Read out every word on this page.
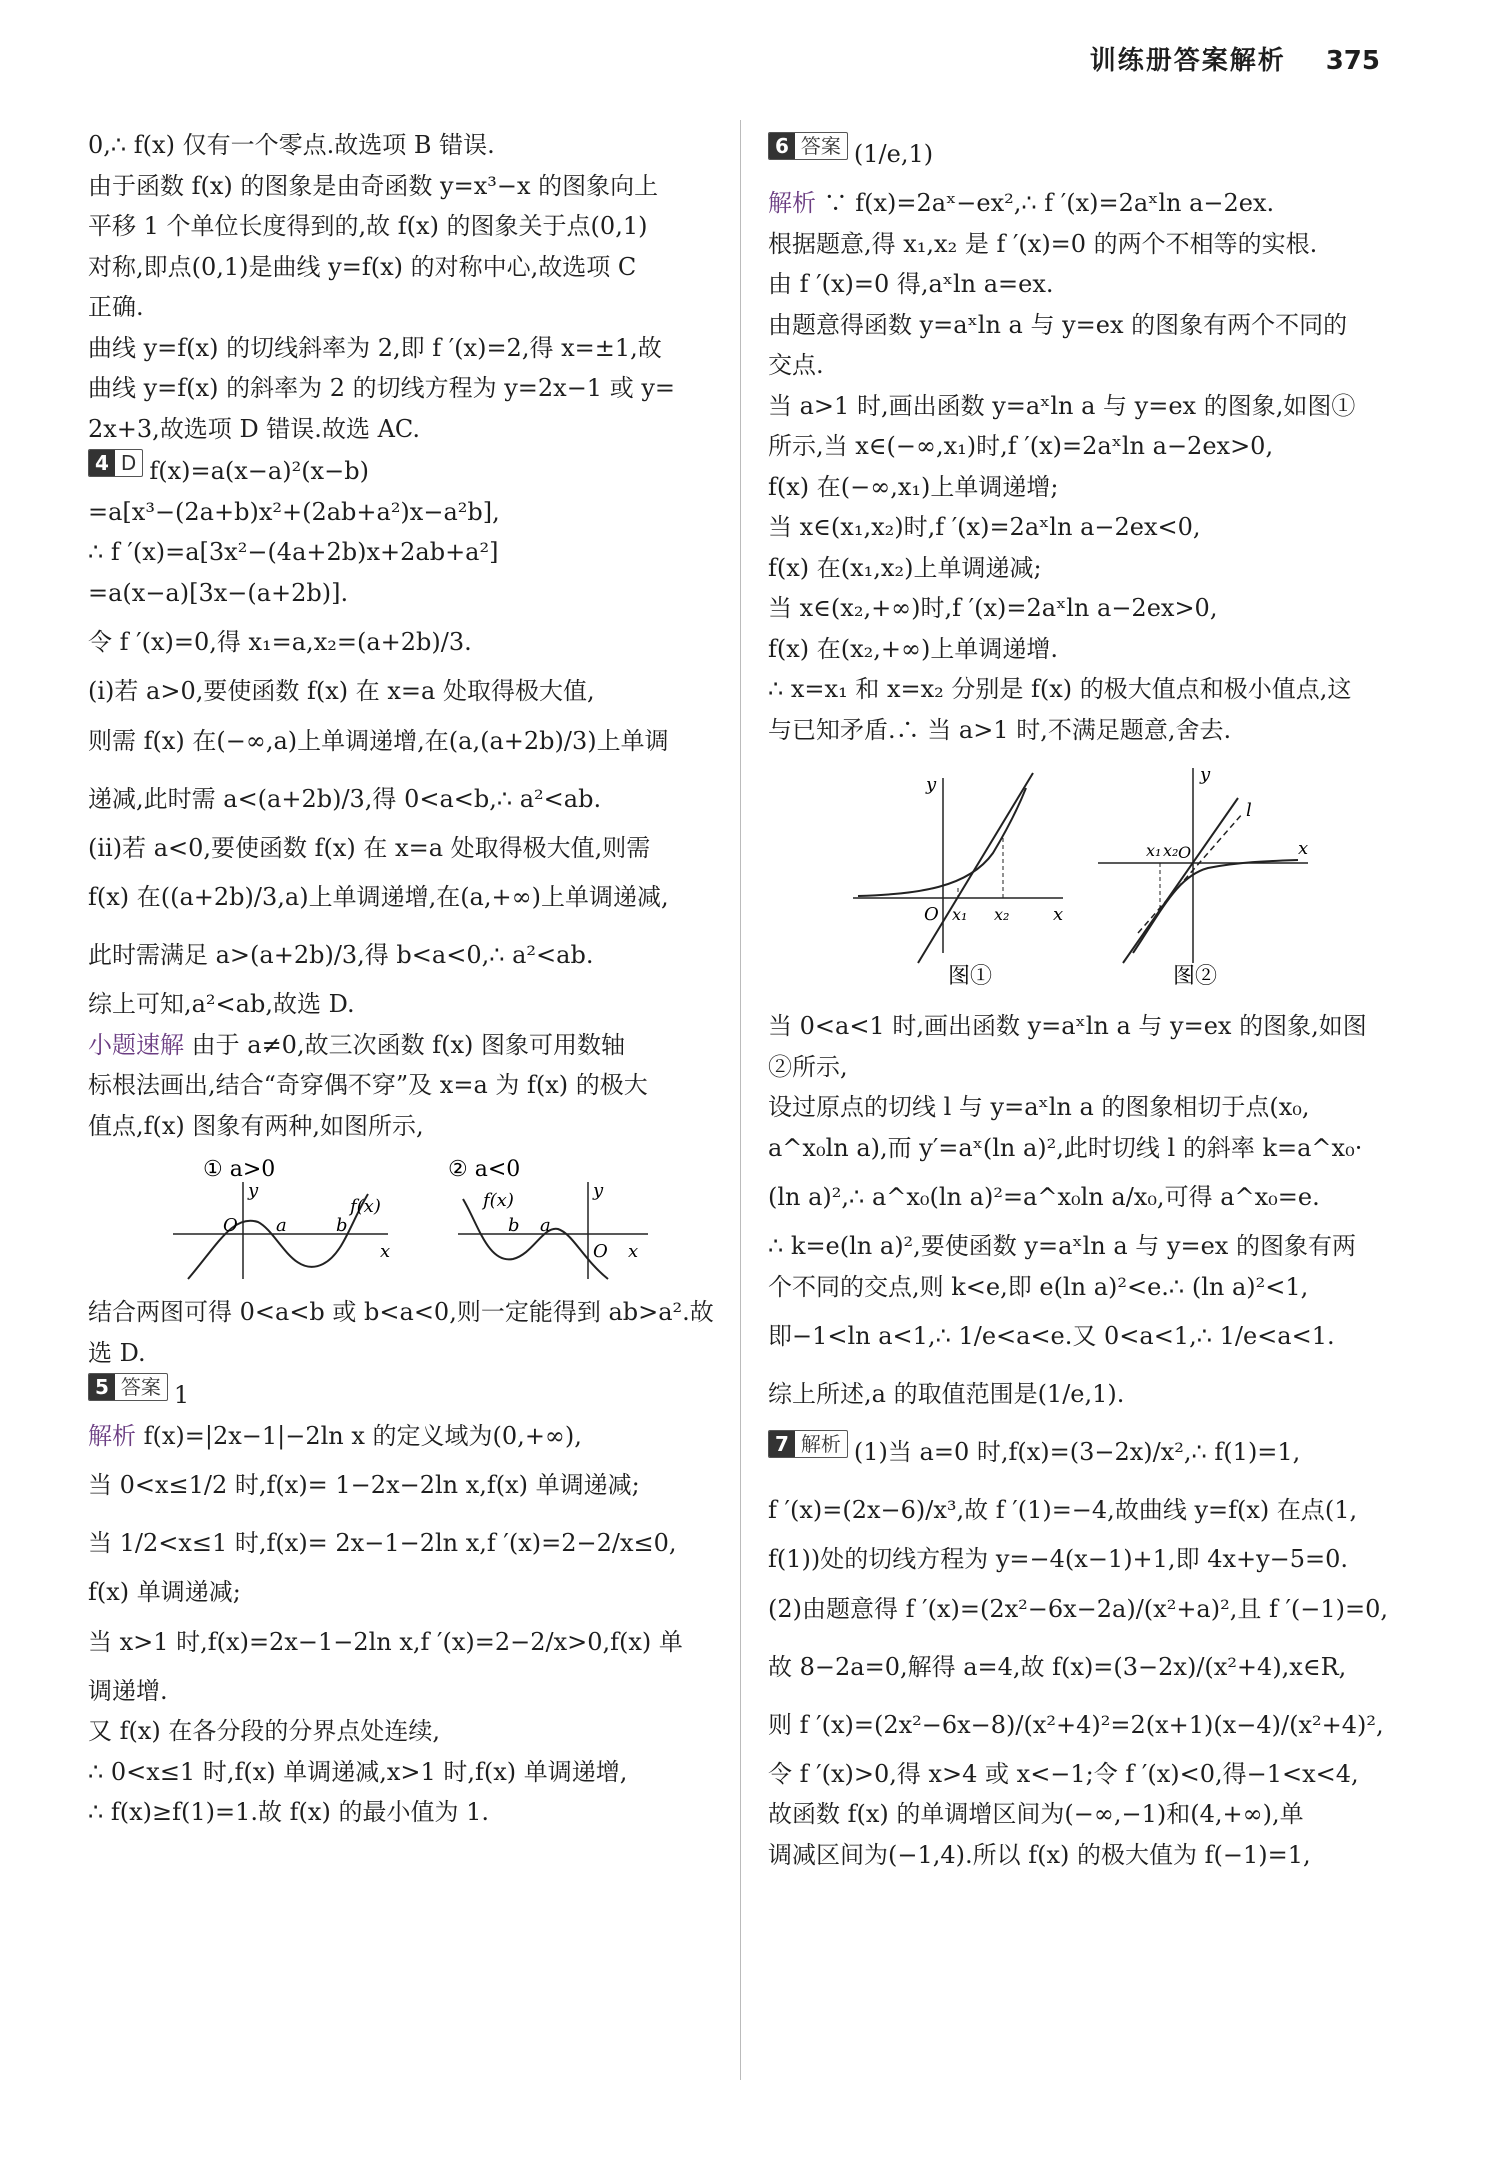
训练册答案解析 375
0,∴ f(x) 仅有一个零点.故选项 B 错误.
由于函数 f(x) 的图象是由奇函数 y=x³−x 的图象向上
平移 1 个单位长度得到的,故 f(x) 的图象关于点(0,1)
对称,即点(0,1)是曲线 y=f(x) 的对称中心,故选项 C
正确.
曲线 y=f(x) 的切线斜率为 2,即 f ′(x)=2,得 x=±1,故
曲线 y=f(x) 的斜率为 2 的切线方程为 y=2x−1 或 y=
2x+3,故选项 D 错误.故选 AC.
4 D f(x)=a(x−a)²(x−b)
=a[x³−(2a+b)x²+(2ab+a²)x−a²b],
∴ f ′(x)=a[3x²−(4a+2b)x+2ab+a²]
=a(x−a)[3x−(a+2b)].
令 f ′(x)=0,得 x₁=a,x₂=(a+2b)/3.
(i)若 a>0,要使函数 f(x) 在 x=a 处取得极大值,
则需 f(x) 在(−∞,a)上单调递增,在(a,(a+2b)/3)上单调
递减,此时需 a<(a+2b)/3,得 0<a<b,∴ a²<ab.
(ii)若 a<0,要使函数 f(x) 在 x=a 处取得极大值,则需
f(x) 在((a+2b)/3,a)上单调递增,在(a,+∞)上单调递减,
此时需满足 a>(a+2b)/3,得 b<a<0,∴ a²<ab.
综上可知,a²<ab,故选 D.
小题速解 由于 a≠0,故三次函数 f(x) 图象可用数轴
标根法画出,结合“奇穿偶不穿”及 x=a 为 f(x) 的极大
值点,f(x) 图象有两种,如图所示,
① a>0	② a<0
y
x
O a	b
f(x)
y
x
O
b a
f(x)
结合两图可得 0<a<b 或 b<a<0,则一定能得到 ab>a².故
选 D.
5 答案 1
解析 f(x)=|2x−1|−2ln x 的定义域为(0,+∞),
当 0<x≤1/2 时,f(x)= 1−2x−2ln x,f(x) 单调递减;
当 1/2<x≤1 时,f(x)= 2x−1−2ln x,f ′(x)=2−2/x≤0,
f(x) 单调递减;
当 x>1 时,f(x)=2x−1−2ln x,f ′(x)=2−2/x>0,f(x) 单
调递增.
又 f(x) 在各分段的分界点处连续,
∴ 0<x≤1 时,f(x) 单调递减,x>1 时,f(x) 单调递增,
∴ f(x)≥f(1)=1.故 f(x) 的最小值为 1.
6 答案 (1/e,1)
解析 ∵ f(x)=2aˣ−ex²,∴ f ′(x)=2aˣln a−2ex.
根据题意,得 x₁,x₂ 是 f ′(x)=0 的两个不相等的实根.
由 f ′(x)=0 得,aˣln a=ex.
由题意得函数 y=aˣln a 与 y=ex 的图象有两个不同的
交点.
当 a>1 时,画出函数 y=aˣln a 与 y=ex 的图象,如图①
所示,当 x∈(−∞,x₁)时,f ′(x)=2aˣln a−2ex>0,
f(x) 在(−∞,x₁)上单调递增;
当 x∈(x₁,x₂)时,f ′(x)=2aˣln a−2ex<0,
f(x) 在(x₁,x₂)上单调递减;
当 x∈(x₂,+∞)时,f ′(x)=2aˣln a−2ex>0,
f(x) 在(x₂,+∞)上单调递增.
∴ x=x₁ 和 x=x₂ 分别是 f(x) 的极大值点和极小值点,这
与已知矛盾.∴ 当 a>1 时,不满足题意,舍去.
y
x
O x₁ x₂
图①
y
x
O
x₁ x₂
l
图②
当 0<a<1 时,画出函数 y=aˣln a 与 y=ex 的图象,如图
②所示,
设过原点的切线 l 与 y=aˣln a 的图象相切于点(x₀,
a^x₀ln a),而 y′=aˣ(ln a)²,此时切线 l 的斜率 k=a^x₀·
(ln a)²,∴ a^x₀(ln a)²=a^x₀ln a/x₀,可得 a^x₀=e.
∴ k=e(ln a)²,要使函数 y=aˣln a 与 y=ex 的图象有两
个不同的交点,则 k<e,即 e(ln a)²<e.∴ (ln a)²<1,
即−1<ln a<1,∴ 1/e<a<e.又 0<a<1,∴ 1/e<a<1.
综上所述,a 的取值范围是(1/e,1).
7 解析 (1)当 a=0 时,f(x)=(3−2x)/x²,∴ f(1)=1,
f ′(x)=(2x−6)/x³,故 f ′(1)=−4,故曲线 y=f(x) 在点(1,
f(1))处的切线方程为 y=−4(x−1)+1,即 4x+y−5=0.
(2)由题意得 f ′(x)=(2x²−6x−2a)/(x²+a)²,且 f ′(−1)=0,
故 8−2a=0,解得 a=4,故 f(x)=(3−2x)/(x²+4),x∈R,
则 f ′(x)=(2x²−6x−8)/(x²+4)²=2(x+1)(x−4)/(x²+4)²,
令 f ′(x)>0,得 x>4 或 x<−1;令 f ′(x)<0,得−1<x<4,
故函数 f(x) 的单调增区间为(−∞,−1)和(4,+∞),单
调减区间为(−1,4).所以 f(x) 的极大值为 f(−1)=1,
